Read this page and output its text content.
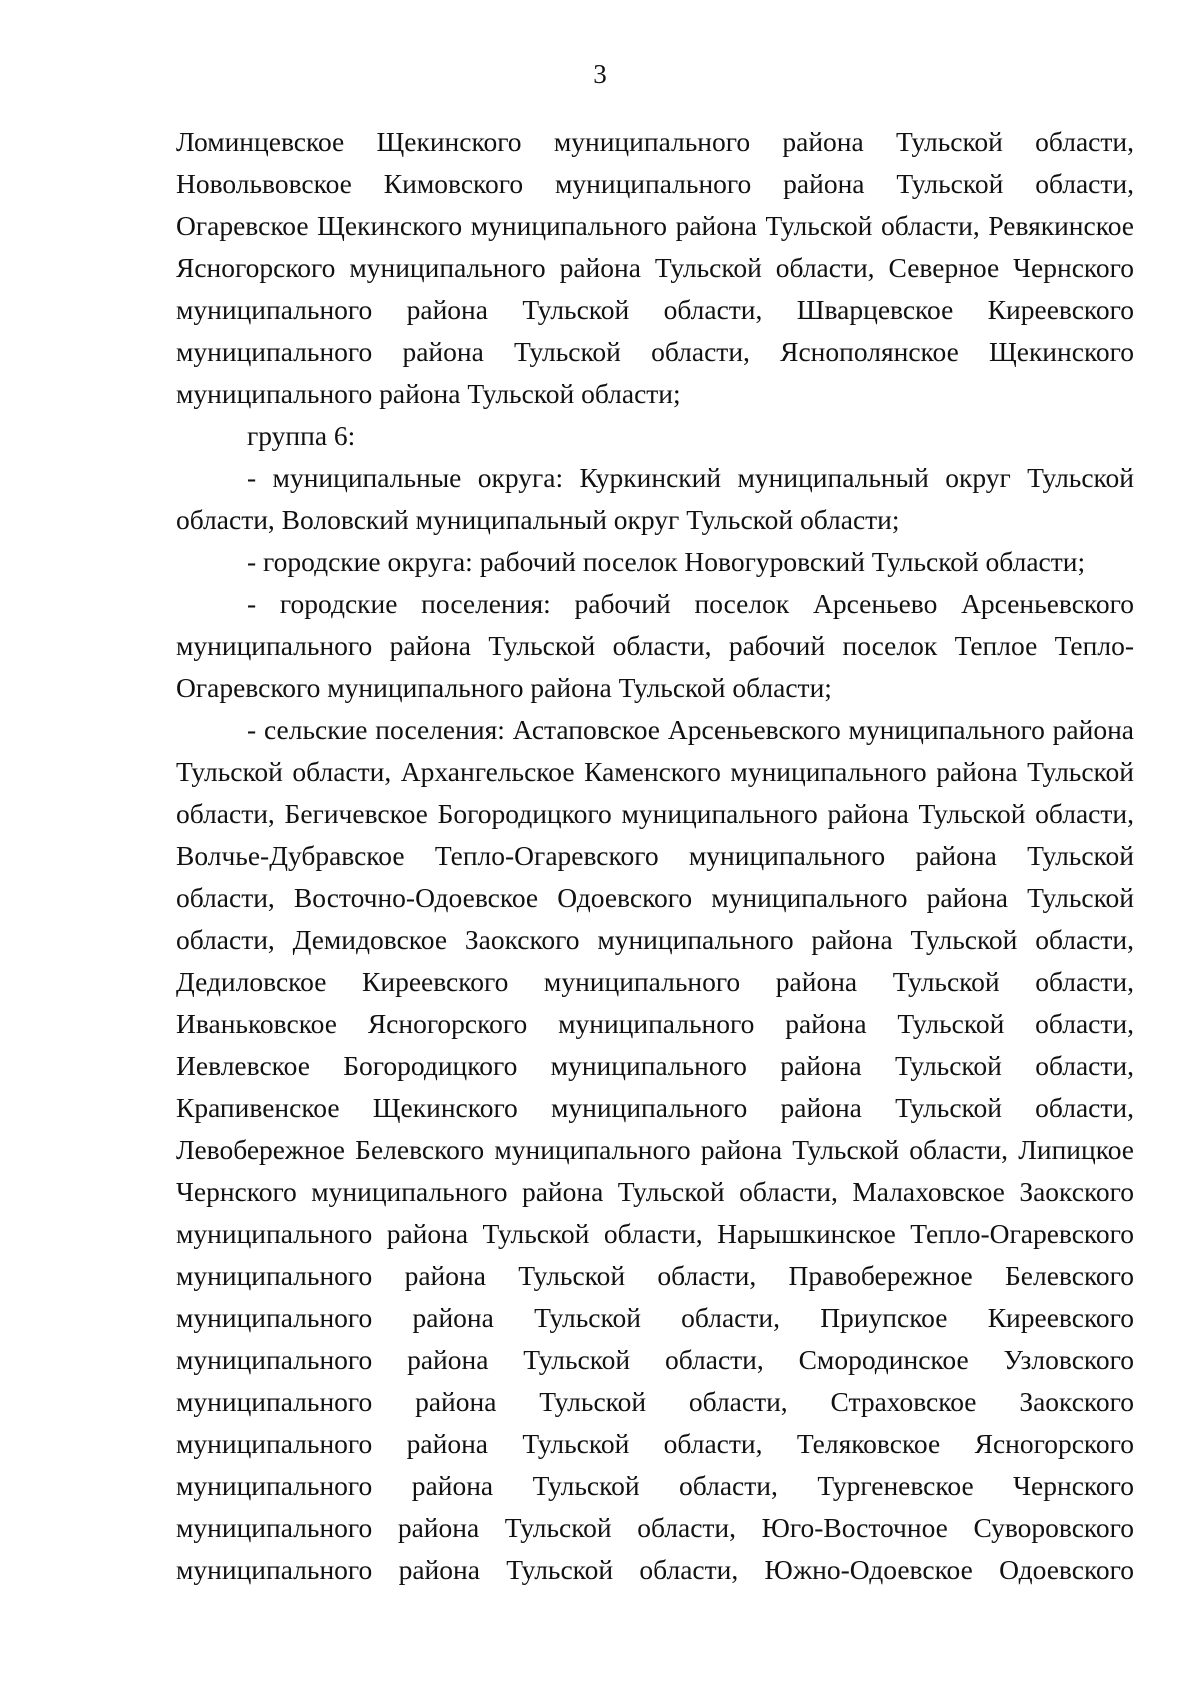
3

Ломинцевское Щекинского муниципального района Тульской области, Новольвовское Кимовского муниципального района Тульской области, Огаревское Щекинского муниципального района Тульской области, Ревякинское Ясногорского муниципального района Тульской области, Северное Чернского муниципального района Тульской области, Шварцевское Киреевского муниципального района Тульской области, Яснополянское Щекинского муниципального района Тульской области;

группа 6:

- муниципальные округа: Куркинский муниципальный округ Тульской области, Воловский муниципальный округ Тульской области;

- городские округа: рабочий поселок Новогуровский Тульской области;

- городские поселения: рабочий поселок Арсеньево Арсеньевского муниципального района Тульской области, рабочий поселок Теплое Тепло-Огаревского муниципального района Тульской области;

- сельские поселения: Астаповское Арсеньевского муниципального района Тульской области, Архангельское Каменского муниципального района Тульской области, Бегичевское Богородицкого муниципального района Тульской области, Волчье-Дубравское Тепло-Огаревского муниципального района Тульской области, Восточно-Одоевское Одоевского муниципального района Тульской области, Демидовское Заокского муниципального района Тульской области, Дедиловское Киреевского муниципального района Тульской области, Иваньковское Ясногорского муниципального района Тульской области, Иевлевское Богородицкого муниципального района Тульской области, Крапивенское Щекинского муниципального района Тульской области, Левобережное Белевского муниципального района Тульской области, Липицкое Чернского муниципального района Тульской области, Малаховское Заокского муниципального района Тульской области, Нарышкинское Тепло-Огаревского муниципального района Тульской области, Правобережное Белевского муниципального района Тульской области, Приупское Киреевского муниципального района Тульской области, Смородинское Узловского муниципального района Тульской области, Страховское Заокского муниципального района Тульской области, Теляковское Ясногорского муниципального района Тульской области, Тургеневское Чернского муниципального района Тульской области, Юго-Восточное Суворовского муниципального района Тульской области, Южно-Одоевское Одоевского
